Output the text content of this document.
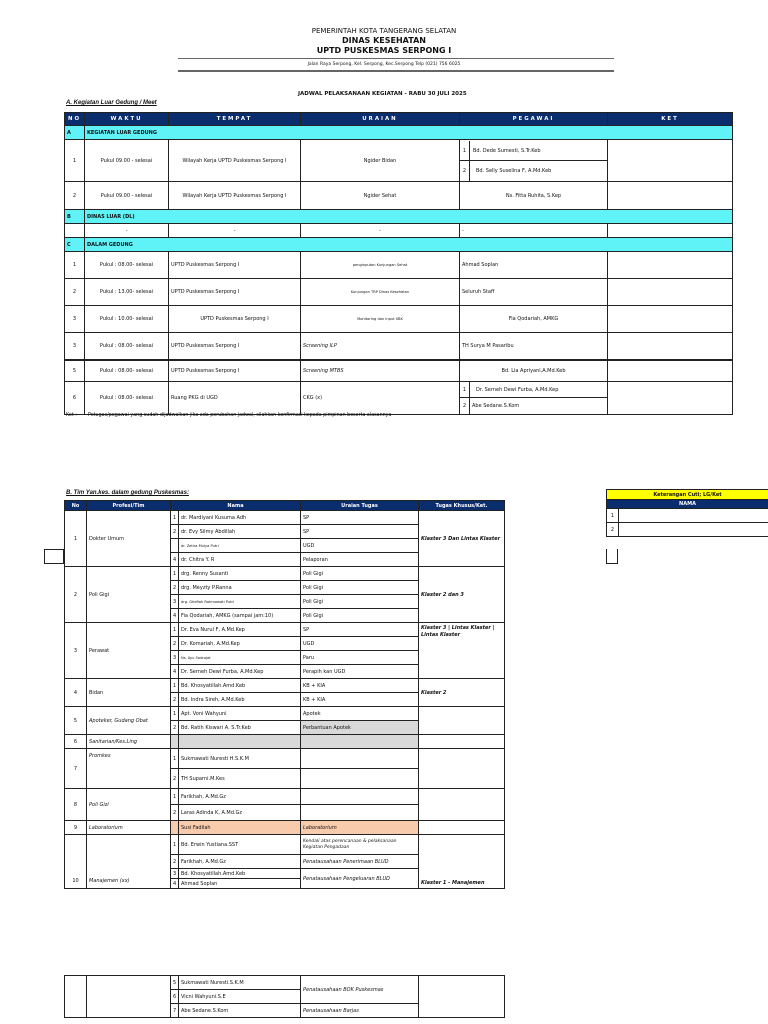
PEMERINTAH KOTA TANGERANG SELATAN
DINAS KESEHATAN
UPTD PUSKESMAS SERPONG I
Jalan Raya Serpong, Kel. Serpong, Kec.Serpong Telp (021) 756 6025
JADWAL PELAKSANAAN KEGIATAN - RABU 30 JULI 2025
A. Kegiatan Luar Gedung / Meet
NO	WAKTU	TEMPAT	URAIAN	PEGAWAI	KET
A	KEGIATAN LUAR GEDUNG				
1	Pukul 09.00 - selesai	Wilayah Kerja UPTD Puskesmas Serpong I	Ngider Bidan	1 Bd. Dede Sumesti, S.Tr.Keb
2 Bd. Selly Suselina F, A.Md.Keb	

2	Pukul 09.00 - selesai	Wilayah Kerja UPTD Puskesmas Serpong I	Ngider Sehat	Ns. Fitta Ruhita, S.Kep	
B	DINAS LUAR (DL)				
	-	-	-	-	
C	DALAM GEDUNG				
1	Pukul : 08.00- selesai	UPTD Puskesmas Serpong I	penginputan Kunjungan Sehat	Ahmad Soplan	
2	Pukul : 13.00- selesai	UPTD Puskesmas Serpong I	Kunjungan TRP Dinas Kesehatan	Seluruh Staff	
3	Pukul : 10.00- selesai	UPTD Puskesmas Serpong I	Monitoring dan input SBK	Fia Qodariah, AMKG	
3	Pukul : 08.00- selesai	UPTD Puskesmas Serpong I	Screening ILP	TH Surya M Pasaribu	
5	Pukul : 08.00- selesai	UPTD Puskesmas Serpong I	Screening MTBS	Bd. Lia Apriyani,A.Md.Keb	
6	Pukul : 08.00- selesai	Ruang PKG di UGD	CKG (x)	1 Dr. Serneh Dewi Furba, A.Md.Kep
2 Abe Sedane.S.Kom	

Ket : Petugas/pegawai yang sudah dijadwalkan jika ada perubahan jadwal, silahkan konfirmasi kepada pimpinan beserta alasannya
B. Tim Yan.kes. dalam gedung Puskesmas:	Keterangan Cuti; LG/Ket	
NAMA	
1	
2	
No	Profesi/Tim	Nama		Uraian Tugas	Tugas Khusus/Ket.
1	Dokter Umum	1	dr. Mardiyani Kusuma Adh	SP	Klaster 3 Dan Lintas Klaster
		2	dr. Evy Silmy Abdillah	SP	
			dr. Zetira Mulya Putri	UGD	
		4	dr. Chitra Y. R	Pelaporan	
2	Poli Gigi	1	drg. Renny Susanti	Poli Gigi	Klaster 2 dan 3
		2	drg. Meyzty P.Ranna	Poli Gigi	
		3	drg. Ghefiah Rahmawati Putri	Poli Gigi	
		4	Fia Qodariah, AMKG (sampai jam:10)	Poli Gigi	
3	Perawat	1	Dr. Eva Nurul F, A.Md.Kep	SP	Klaster 3 | Lintas Klaster | Lintas Klaster
		2	Dr. Komariah, A.Md.Kep	UGD	
		3	Ns. Ayu Sadrajat	Paru	
		4	Dr. Serneh Dewi Furba, A.Md.Kep	Perapih kan UGD	
4	Bidan	1	Bd. Khosyatillah.Amd.Keb	KB + KIA	Klaster 2
		2	Bd. Indra Sireh, A.Md.Keb	KB + KIA	
5	Apoteker, Gudang Obat	1	Apt. Voni Wahyuni	Apotek	
		2	Bd. Ratih Kiswari A. S.Tr.Keb	Perbantuan Apotek	
6	Sanitarian/Kes.Ling				
7	Promkes	1	Sukmawati Nuresti H.S.K.M		
		2	TH Suparni.M.Kes		
8	Poli Gizi	1	Farikhah, A.Md.Gz		
		2	Laras Adinda K, A.Md.Gz		
9	Laboratorium		Susi Fadilah	Laboratorium	
10	Manajemen (xx)	1	Bd. Erwin Yustiana.SST	Kendali atas perencanaan & pelaksanaan Kegiatan Pengadaan	Klaster 1 - Manajemen
		2	Farikhah, A.Md.Gz	Penatausahaan Penerimaan BLUD	
		3	Bd. Khosyatillah.Amd.Keb	Penatausahaan Pengeluaran BLUD	
		4	Ahmad Soplan		
		5	Sukmawati Nuresti.S.K.M	Penatausahaan BOK Puskesmas	
		6	Vicni Wahyuni.S.E		
		7	Abe Sedane.S.Kom	Penatausahaan Barjas	
